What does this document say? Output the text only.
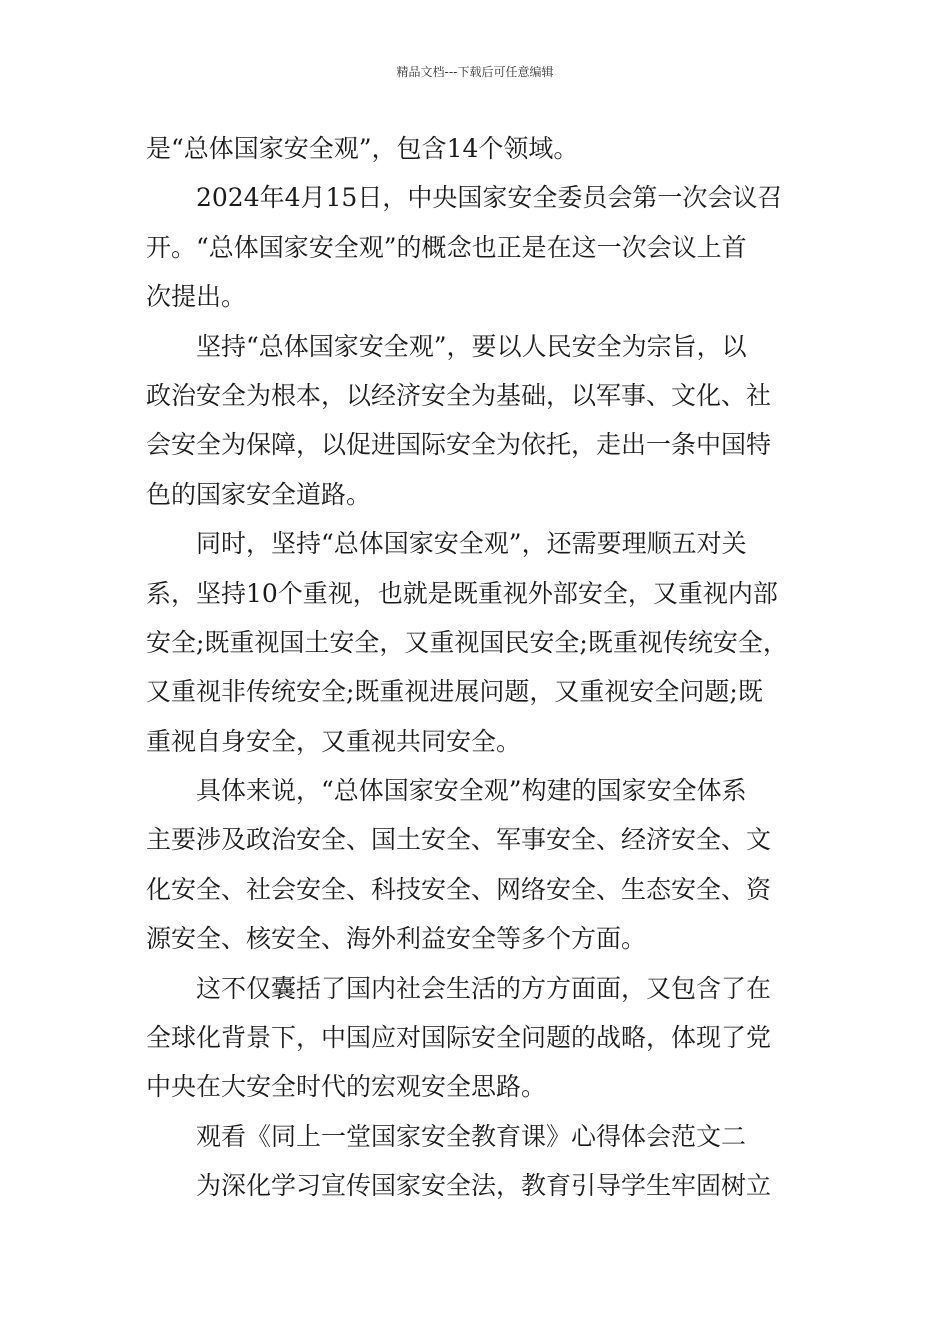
精品文档---下载后可任意编辑
是“总体国家安全观”，包含14个领域。
2024年4月15日，中央国家安全委员会第一次会议召
开。“总体国家安全观”的概念也正是在这一次会议上首
次提出。
坚持“总体国家安全观”，要以人民安全为宗旨，以
政治安全为根本，以经济安全为基础，以军事、文化、社
会安全为保障，以促进国际安全为依托，走出一条中国特
色的国家安全道路。
同时，坚持“总体国家安全观”，还需要理顺五对关
系，坚持10个重视，也就是既重视外部安全，又重视内部
安全;既重视国土安全，又重视国民安全;既重视传统安全，
又重视非传统安全;既重视进展问题，又重视安全问题;既
重视自身安全，又重视共同安全。
具体来说，“总体国家安全观”构建的国家安全体系
主要涉及政治安全、国土安全、军事安全、经济安全、文
化安全、社会安全、科技安全、网络安全、生态安全、资
源安全、核安全、海外利益安全等多个方面。
这不仅囊括了国内社会生活的方方面面，又包含了在
全球化背景下，中国应对国际安全问题的战略，体现了党
中央在大安全时代的宏观安全思路。
观看《同上一堂国家安全教育课》心得体会范文二
为深化学习宣传国家安全法，教育引导学生牢固树立
